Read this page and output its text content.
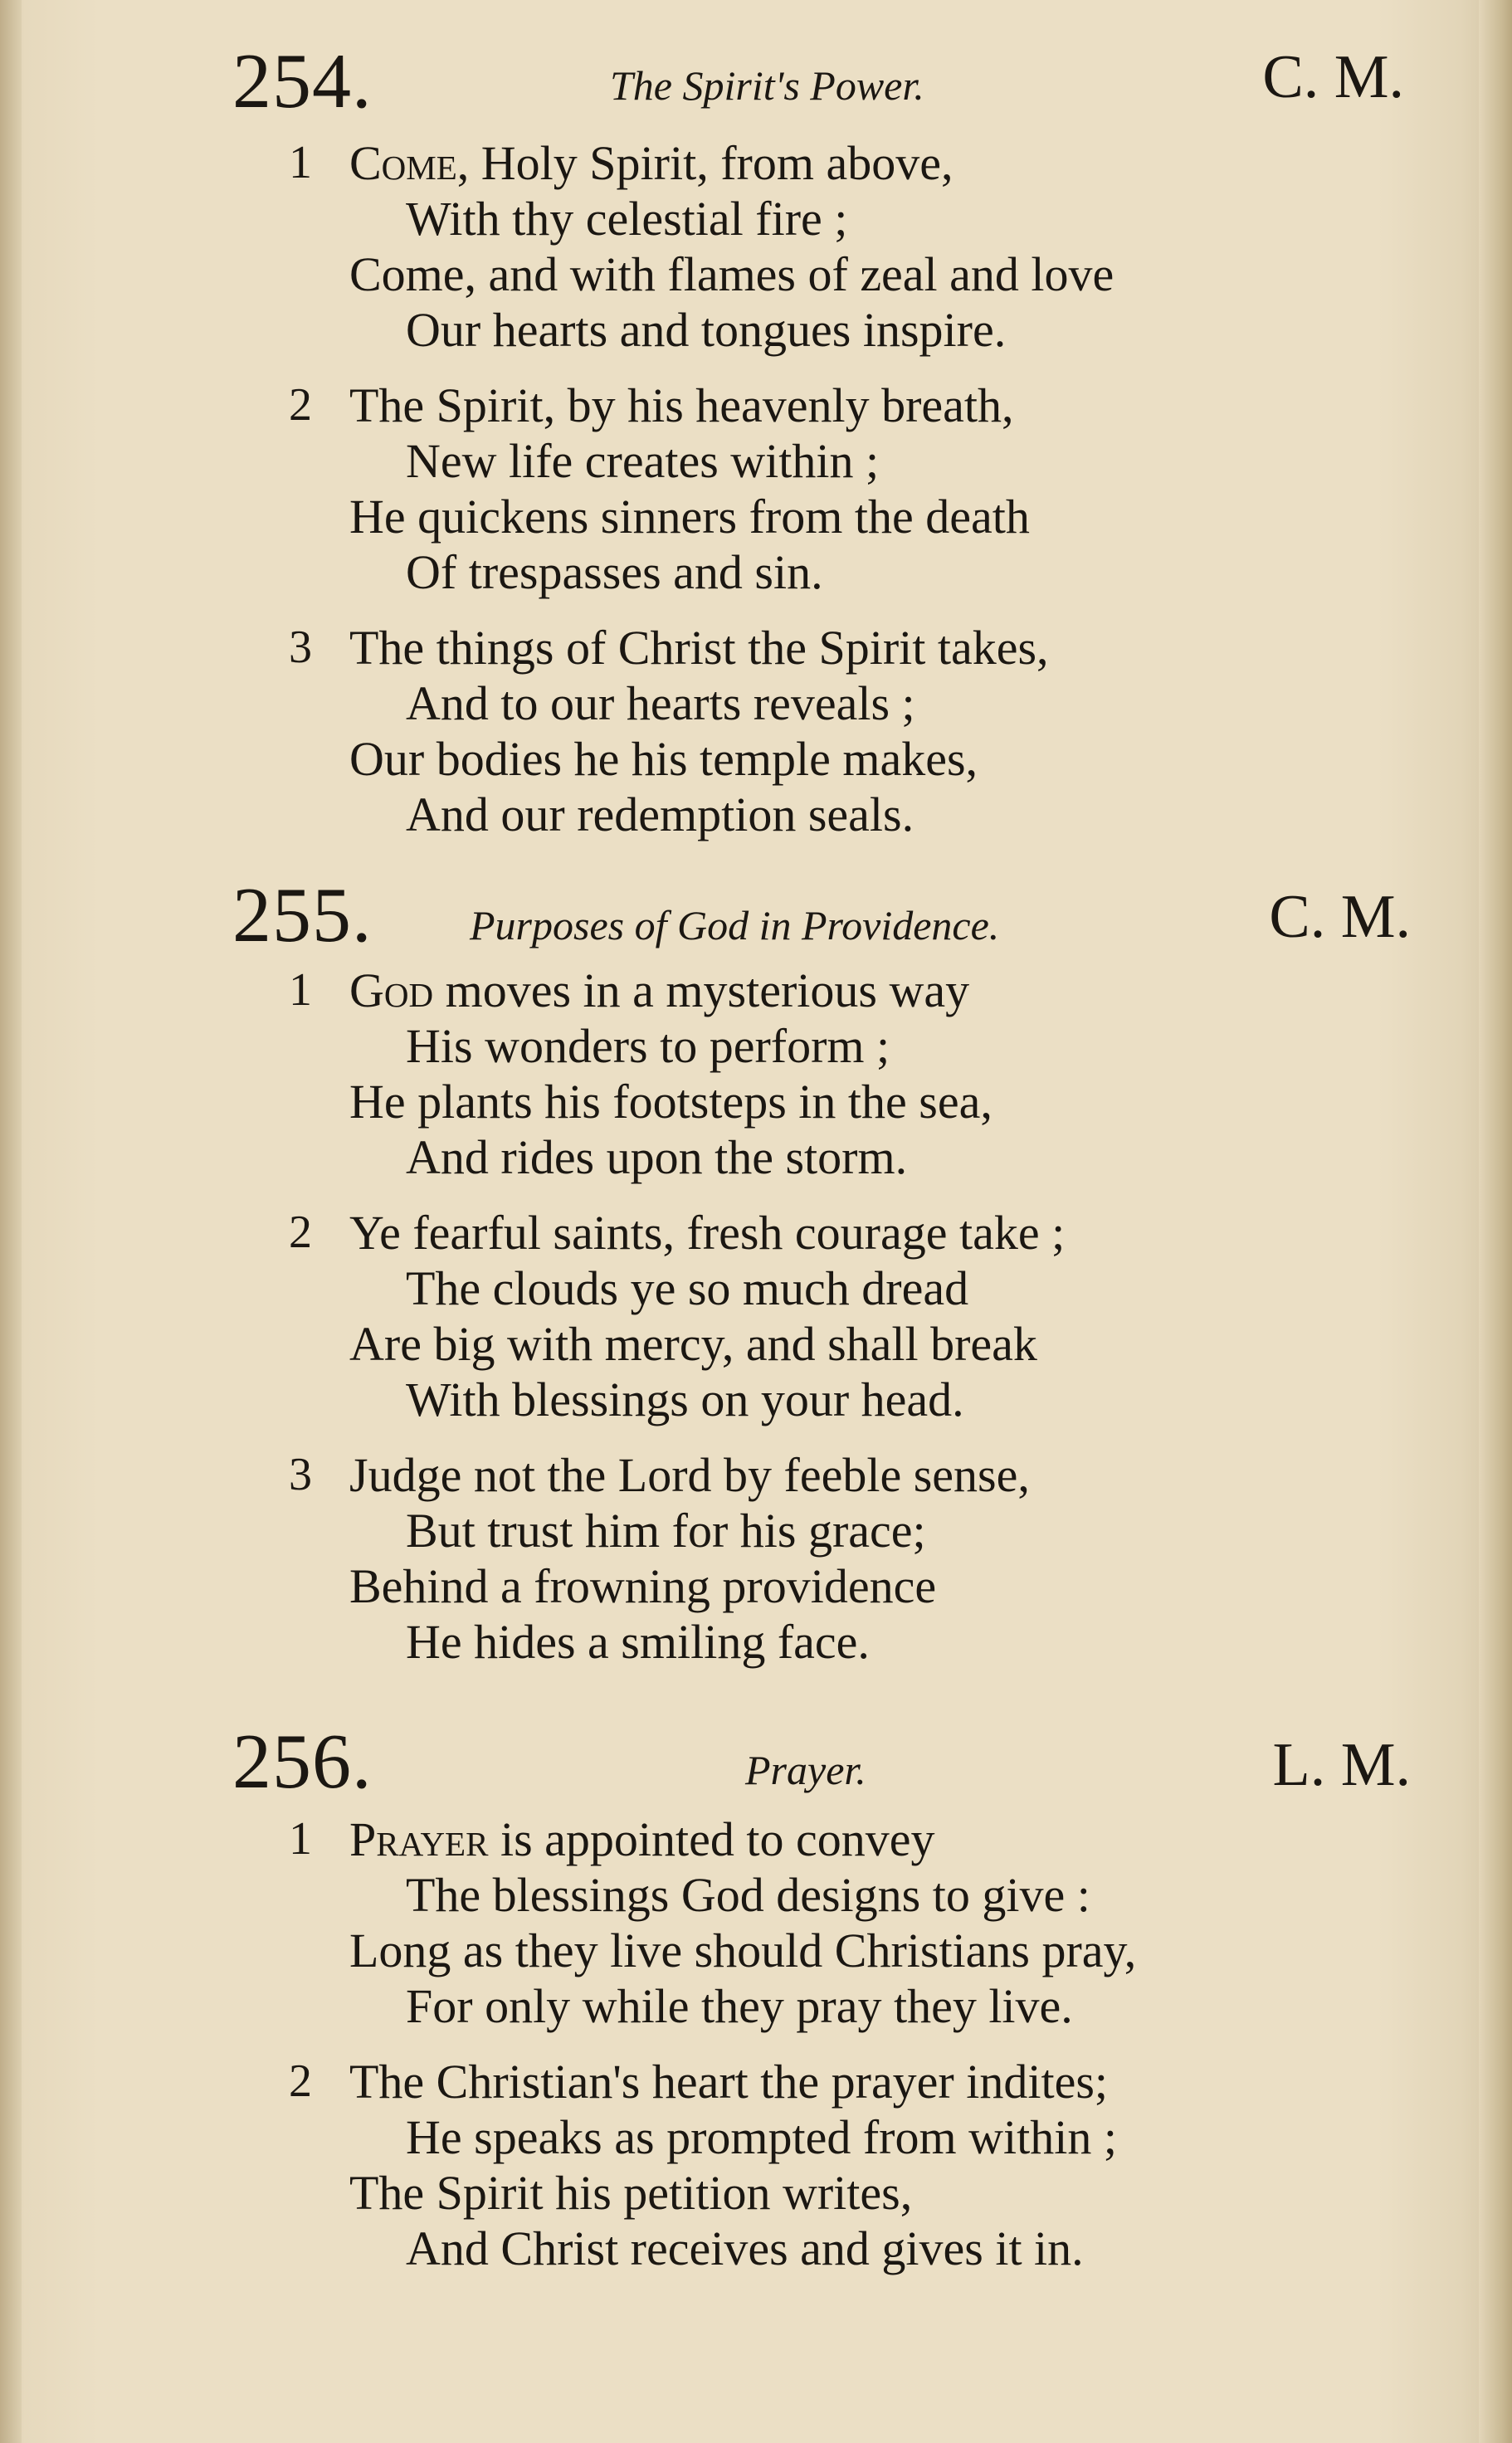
254.	The Spirit's Power.	C. M.
1 Come, Holy Spirit, from above,
With thy celestial fire ;
Come, and with flames of zeal and love
Our hearts and tongues inspire.
2 The Spirit, by his heavenly breath,
New life creates within ;
He quickens sinners from the death
Of trespasses and sin.
3 The things of Christ the Spirit takes,
And to our hearts reveals ;
Our bodies he his temple makes,
And our redemption seals.
255. Purposes of God in Providence.	C. M.
1 God moves in a mysterious way
His wonders to perform ;
He plants his footsteps in the sea,
And rides upon the storm.
2 Ye fearful saints, fresh courage take ;
The clouds ye so much dread
Are big with mercy, and shall break
With blessings on your head.
3 Judge not the Lord by feeble sense,
But trust him for his grace;
Behind a frowning providence
He hides a smiling face.
256.	Prayer.	L. M.
1 Prayer is appointed to convey
The blessings God designs to give :
Long as they live should Christians pray,
For only while they pray they live.
2 The Christian's heart the prayer indites;
He speaks as prompted from within ;
The Spirit his petition writes,
And Christ receives and gives it in.
